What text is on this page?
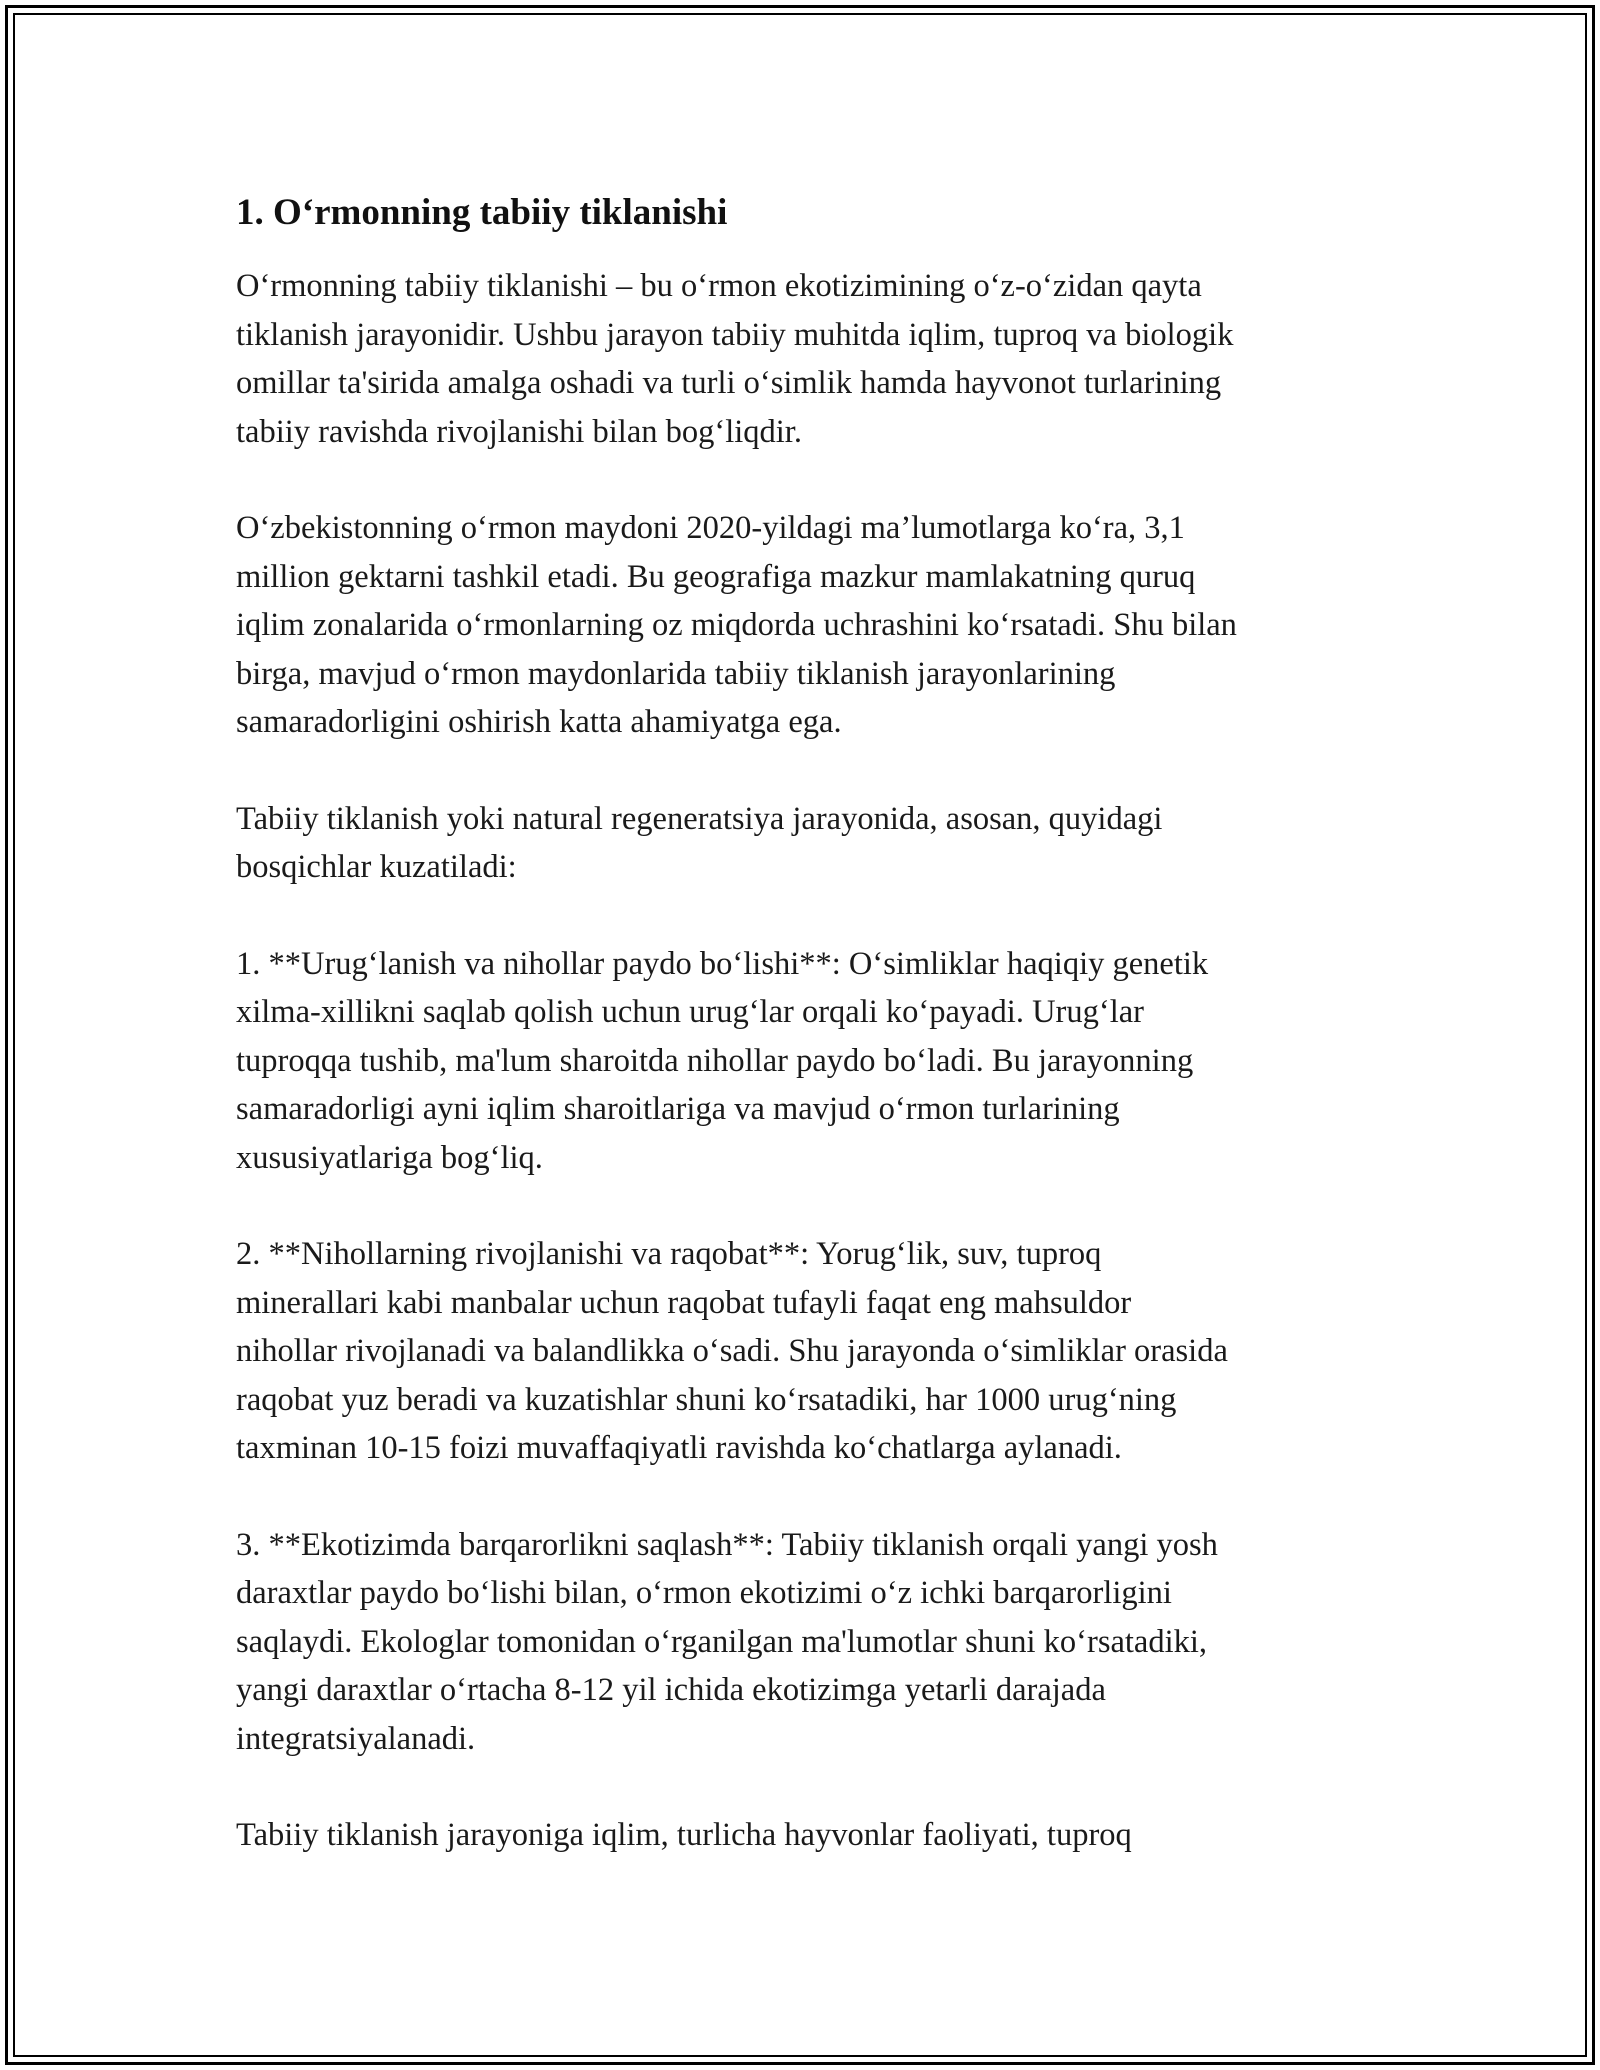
1. O‘rmonning tabiiy tiklanishi

O‘rmonning tabiiy tiklanishi – bu o‘rmon ekotizimining o‘z-o‘zidan qayta
tiklanish jarayonidir. Ushbu jarayon tabiiy muhitda iqlim, tuproq va biologik
omillar ta'sirida amalga oshadi va turli o‘simlik hamda hayvonot turlarining
tabiiy ravishda rivojlanishi bilan bog‘liqdir.

O‘zbekistonning o‘rmon maydoni 2020-yildagi ma’lumotlarga ko‘ra, 3,1
million gektarni tashkil etadi. Bu geografiga mazkur mamlakatning quruq
iqlim zonalarida o‘rmonlarning oz miqdorda uchrashini ko‘rsatadi. Shu bilan
birga, mavjud o‘rmon maydonlarida tabiiy tiklanish jarayonlarining
samaradorligini oshirish katta ahamiyatga ega.

Tabiiy tiklanish yoki natural regeneratsiya jarayonida, asosan, quyidagi
bosqichlar kuzatiladi:

1. **Urug‘lanish va nihollar paydo bo‘lishi**: O‘simliklar haqiqiy genetik
xilma-xillikni saqlab qolish uchun urug‘lar orqali ko‘payadi. Urug‘lar
tuproqqa tushib, ma'lum sharoitda nihollar paydo bo‘ladi. Bu jarayonning
samaradorligi ayni iqlim sharoitlariga va mavjud o‘rmon turlarining
xususiyatlariga bog‘liq.

2. **Nihollarning rivojlanishi va raqobat**: Yorug‘lik, suv, tuproq
minerallari kabi manbalar uchun raqobat tufayli faqat eng mahsuldor
nihollar rivojlanadi va balandlikka o‘sadi. Shu jarayonda o‘simliklar orasida
raqobat yuz beradi va kuzatishlar shuni ko‘rsatadiki, har 1000 urug‘ning
taxminan 10-15 foizi muvaffaqiyatli ravishda ko‘chatlarga aylanadi.

3. **Ekotizimda barqarorlikni saqlash**: Tabiiy tiklanish orqali yangi yosh
daraxtlar paydo bo‘lishi bilan, o‘rmon ekotizimi o‘z ichki barqarorligini
saqlaydi. Ekologlar tomonidan o‘rganilgan ma'lumotlar shuni ko‘rsatadiki,
yangi daraxtlar o‘rtacha 8-12 yil ichida ekotizimga yetarli darajada
integratsiyalanadi.

Tabiiy tiklanish jarayoniga iqlim, turlicha hayvonlar faoliyati, tuproq
